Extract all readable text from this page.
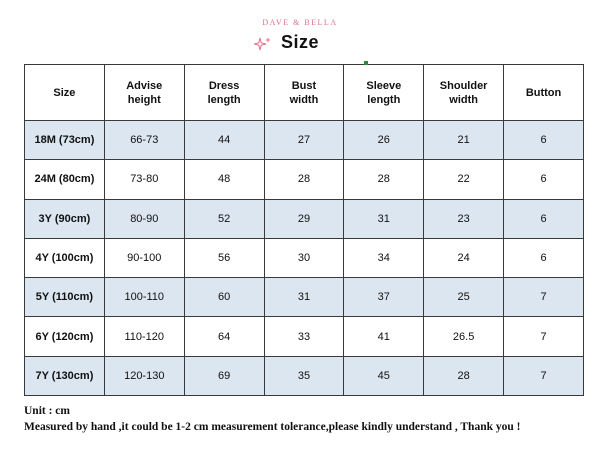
DAVE & BELLA
Size
Size	Advise height	Dress length	Bust width	Sleeve length	Shoulder width	Button
18M (73cm)	66-73	44	27	26	21	6
24M (80cm)	73-80	48	28	28	22	6
3Y (90cm)	80-90	52	29	31	23	6
4Y (100cm)	90-100	56	30	34	24	6
5Y (110cm)	100-110	60	31	37	25	7
6Y (120cm)	110-120	64	33	41	26.5	7
7Y (130cm)	120-130	69	35	45	28	7
Unit : cm
Measured by hand ,it could be 1-2 cm measurement tolerance,please kindly understand , Thank you !
